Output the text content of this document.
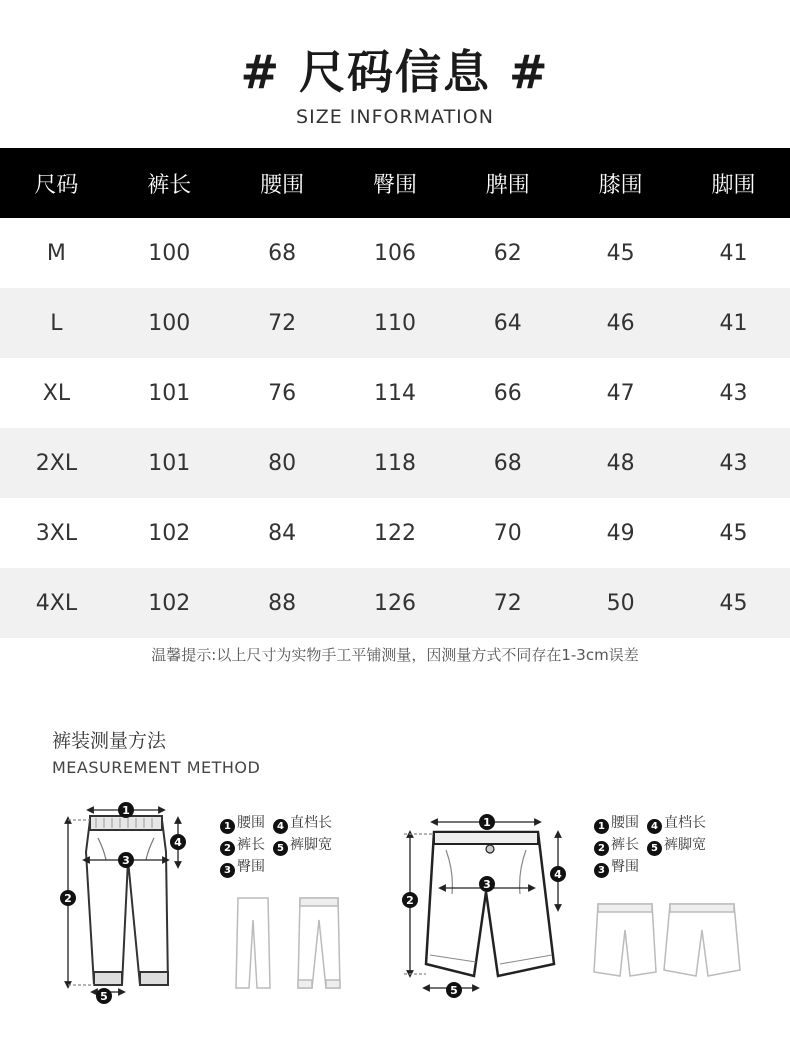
# 尺码信息 #
SIZE INFORMATION
尺码	裤长	腰围	臀围	脾围	膝围	脚围
M	100	68	106	62	45	41
L	100	72	110	64	46	41
XL	101	76	114	66	47	43
2XL	101	80	118	68	48	43
3XL	102	84	122	70	49	45
4XL	102	88	126	72	50	45
温馨提示:以上尺寸为实物手工平铺测量，因测量方式不同存在1-3cm误差
裤装测量方法
MEASUREMENT METHOD
1
3
2
4
5
1
3
2
4
5
1 腰围 4 直档长
2 裤长 5 裤脚宽
3 臀围
1 腰围 4 直档长
2 裤长 5 裤脚宽
3 臀围
